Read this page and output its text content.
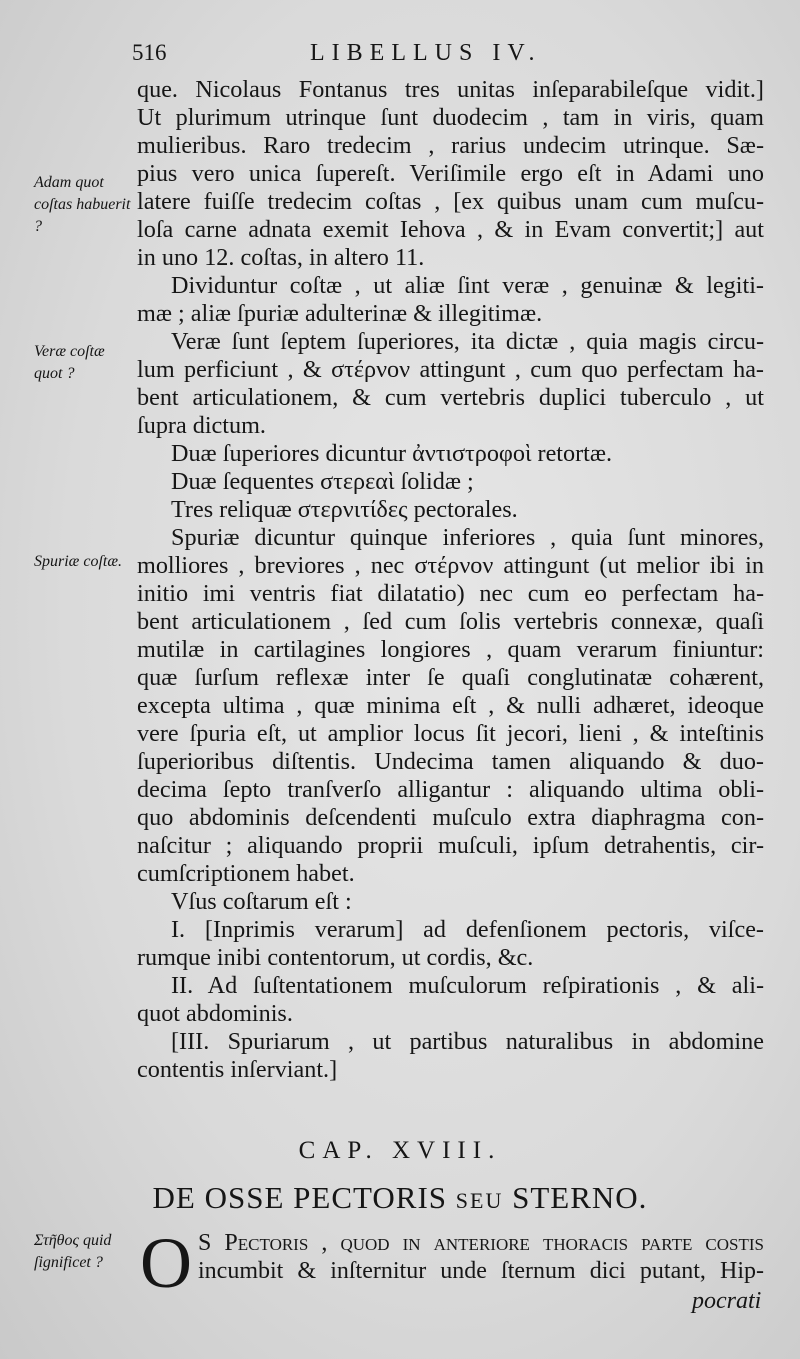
516	LIBELLUS IV.
que. Nicolaus Fontanus tres unitas inſeparabileſque vidit.]
Ut plurimum utrinque ſunt duodecim , tam in viris, quam
mulieribus. Raro tredecim , rarius undecim utrinque. Sæ-
pius vero unica ſupereſt. Veriſimile ergo eſt in Adami uno
latere fuiſſe tredecim coſtas , [ex quibus unam cum muſcu-
loſa carne adnata exemit Iehova , & in Evam convertit;] aut
in uno 12. coſtas, in altero 11.
Dividuntur coſtæ , ut aliæ ſint veræ , genuinæ & legiti-
mæ ; aliæ ſpuriæ adulterinæ & illegitimæ.
Veræ ſunt ſeptem ſuperiores, ita dictæ , quia magis circu-
lum perficiunt , & στέρνον attingunt , cum quo perfectam ha-
bent articulationem, & cum vertebris duplici tuberculo , ut
ſupra dictum.
Duæ ſuperiores dicuntur ἀντιστροφοὶ retortæ.
Duæ ſequentes στερεαὶ ſolidæ ;
Tres reliquæ στερνιτίδες pectorales.
Spuriæ dicuntur quinque inferiores , quia ſunt minores,
molliores , breviores , nec στέρνον attingunt (ut melior ibi in
initio imi ventris fiat dilatatio) nec cum eo perfectam ha-
bent articulationem , ſed cum ſolis vertebris connexæ, quaſi
mutilæ in cartilagines longiores , quam verarum finiuntur:
quæ ſurſum reflexæ inter ſe quaſi conglutinatæ cohærent,
excepta ultima , quæ minima eſt , & nulli adhæret, ideoque
vere ſpuria eſt, ut amplior locus ſit jecori, lieni , & inteſtinis
ſuperioribus diſtentis. Undecima tamen aliquando & duo-
decima ſepto tranſverſo alligantur : aliquando ultima obli-
quo abdominis deſcendenti muſculo extra diaphragma con-
naſcitur ; aliquando proprii muſculi, ipſum detrahentis, cir-
cumſcriptionem habet.
Vſus coſtarum eſt :
I. [Inprimis verarum] ad defenſionem pectoris, viſce-
rumque inibi contentorum, ut cordis, &c.
II. Ad ſuſtentationem muſculorum reſpirationis , & ali-
quot abdominis.
[III. Spuriarum , ut partibus naturalibus in abdomine
contentis inſerviant.]
Adam quot coſtas habuerit ?
Veræ coſtæ quot ?
Spuriæ coſtæ.
Στῆθος quid ſignificet ?
CAP. XVIII.
DE OSSE PECTORIS SEU STERNO.
O S Pectoris , quod in anteriore thoracis parte coſtis
incumbit & inſternitur unde ſternum dici putant, Hip-
pocrati
